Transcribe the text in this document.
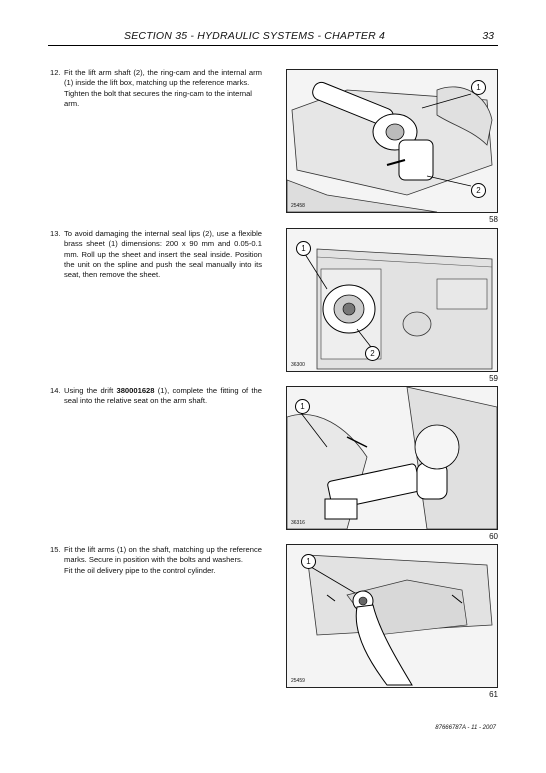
SECTION 35 - HYDRAULIC SYSTEMS - CHAPTER 4	33
12. Fit the lift arm shaft (2), the ring-cam and the internal arm (1) inside the lift box, matching up the reference marks.

Tighten the bolt that secures the ring-cam to the internal arm.

13. To avoid damaging the internal seal lips (2), use a flexible brass sheet (1) dimensions: 200 x 90 mm and 0.05-0.1 mm. Roll up the sheet and insert the seal inside. Position the unit on the spline and push the seal manually into its seat, then remove the sheet.
14. Using the drift 380001628 (1), complete the fitting of the seal into the relative seat on the arm shaft.
15. Fit the lift arms (1) on the shaft, matching up the reference marks. Secure in position with the bolts and washers.

Fit the oil delivery pipe to the control cylinder.

1
2
25458
58
1
2
36300
59
1
36316
60
1
25459
61
87666787A - 11 - 2007
